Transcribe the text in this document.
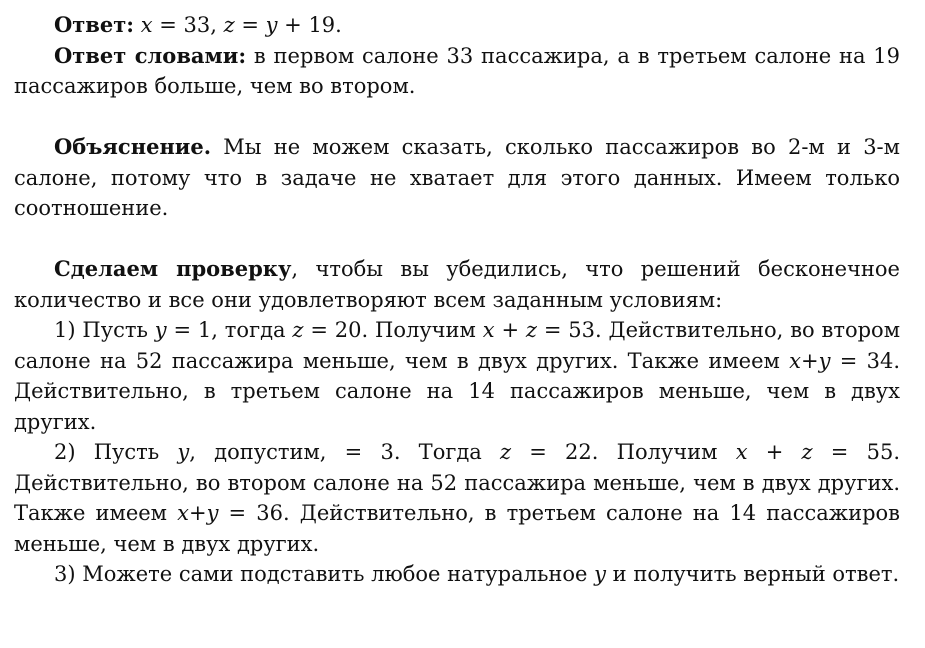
Ответ: x = 33, z = y + 19.

Ответ словами: в первом салоне 33 пассажира, а в третьем салоне на 19 пассажиров больше, чем во втором.

Объяснение. Мы не можем сказать, сколько пассажиров во 2-м и 3-м салоне, потому что в задаче не хватает для этого данных. Имеем только соотношение.

Сделаем проверку, чтобы вы убедились, что решений бесконечное количество и все они удовлетворяют всем заданным условиям:

1) Пусть y = 1, тогда z = 20. Получим x + z = 53. Действительно, во втором салоне на 52 пассажира меньше, чем в двух других. Также имеем x+y = 34. Действительно, в третьем салоне на 14 пассажиров меньше, чем в двух других.

2) Пусть y, допустим, = 3. Тогда z = 22. Получим x + z = 55. Действительно, во втором салоне на 52 пассажира меньше, чем в двух других. Также имеем x+y = 36. Действительно, в третьем салоне на 14 пассажиров меньше, чем в двух других.

3) Можете сами подставить любое натуральное y и получить верный ответ.
